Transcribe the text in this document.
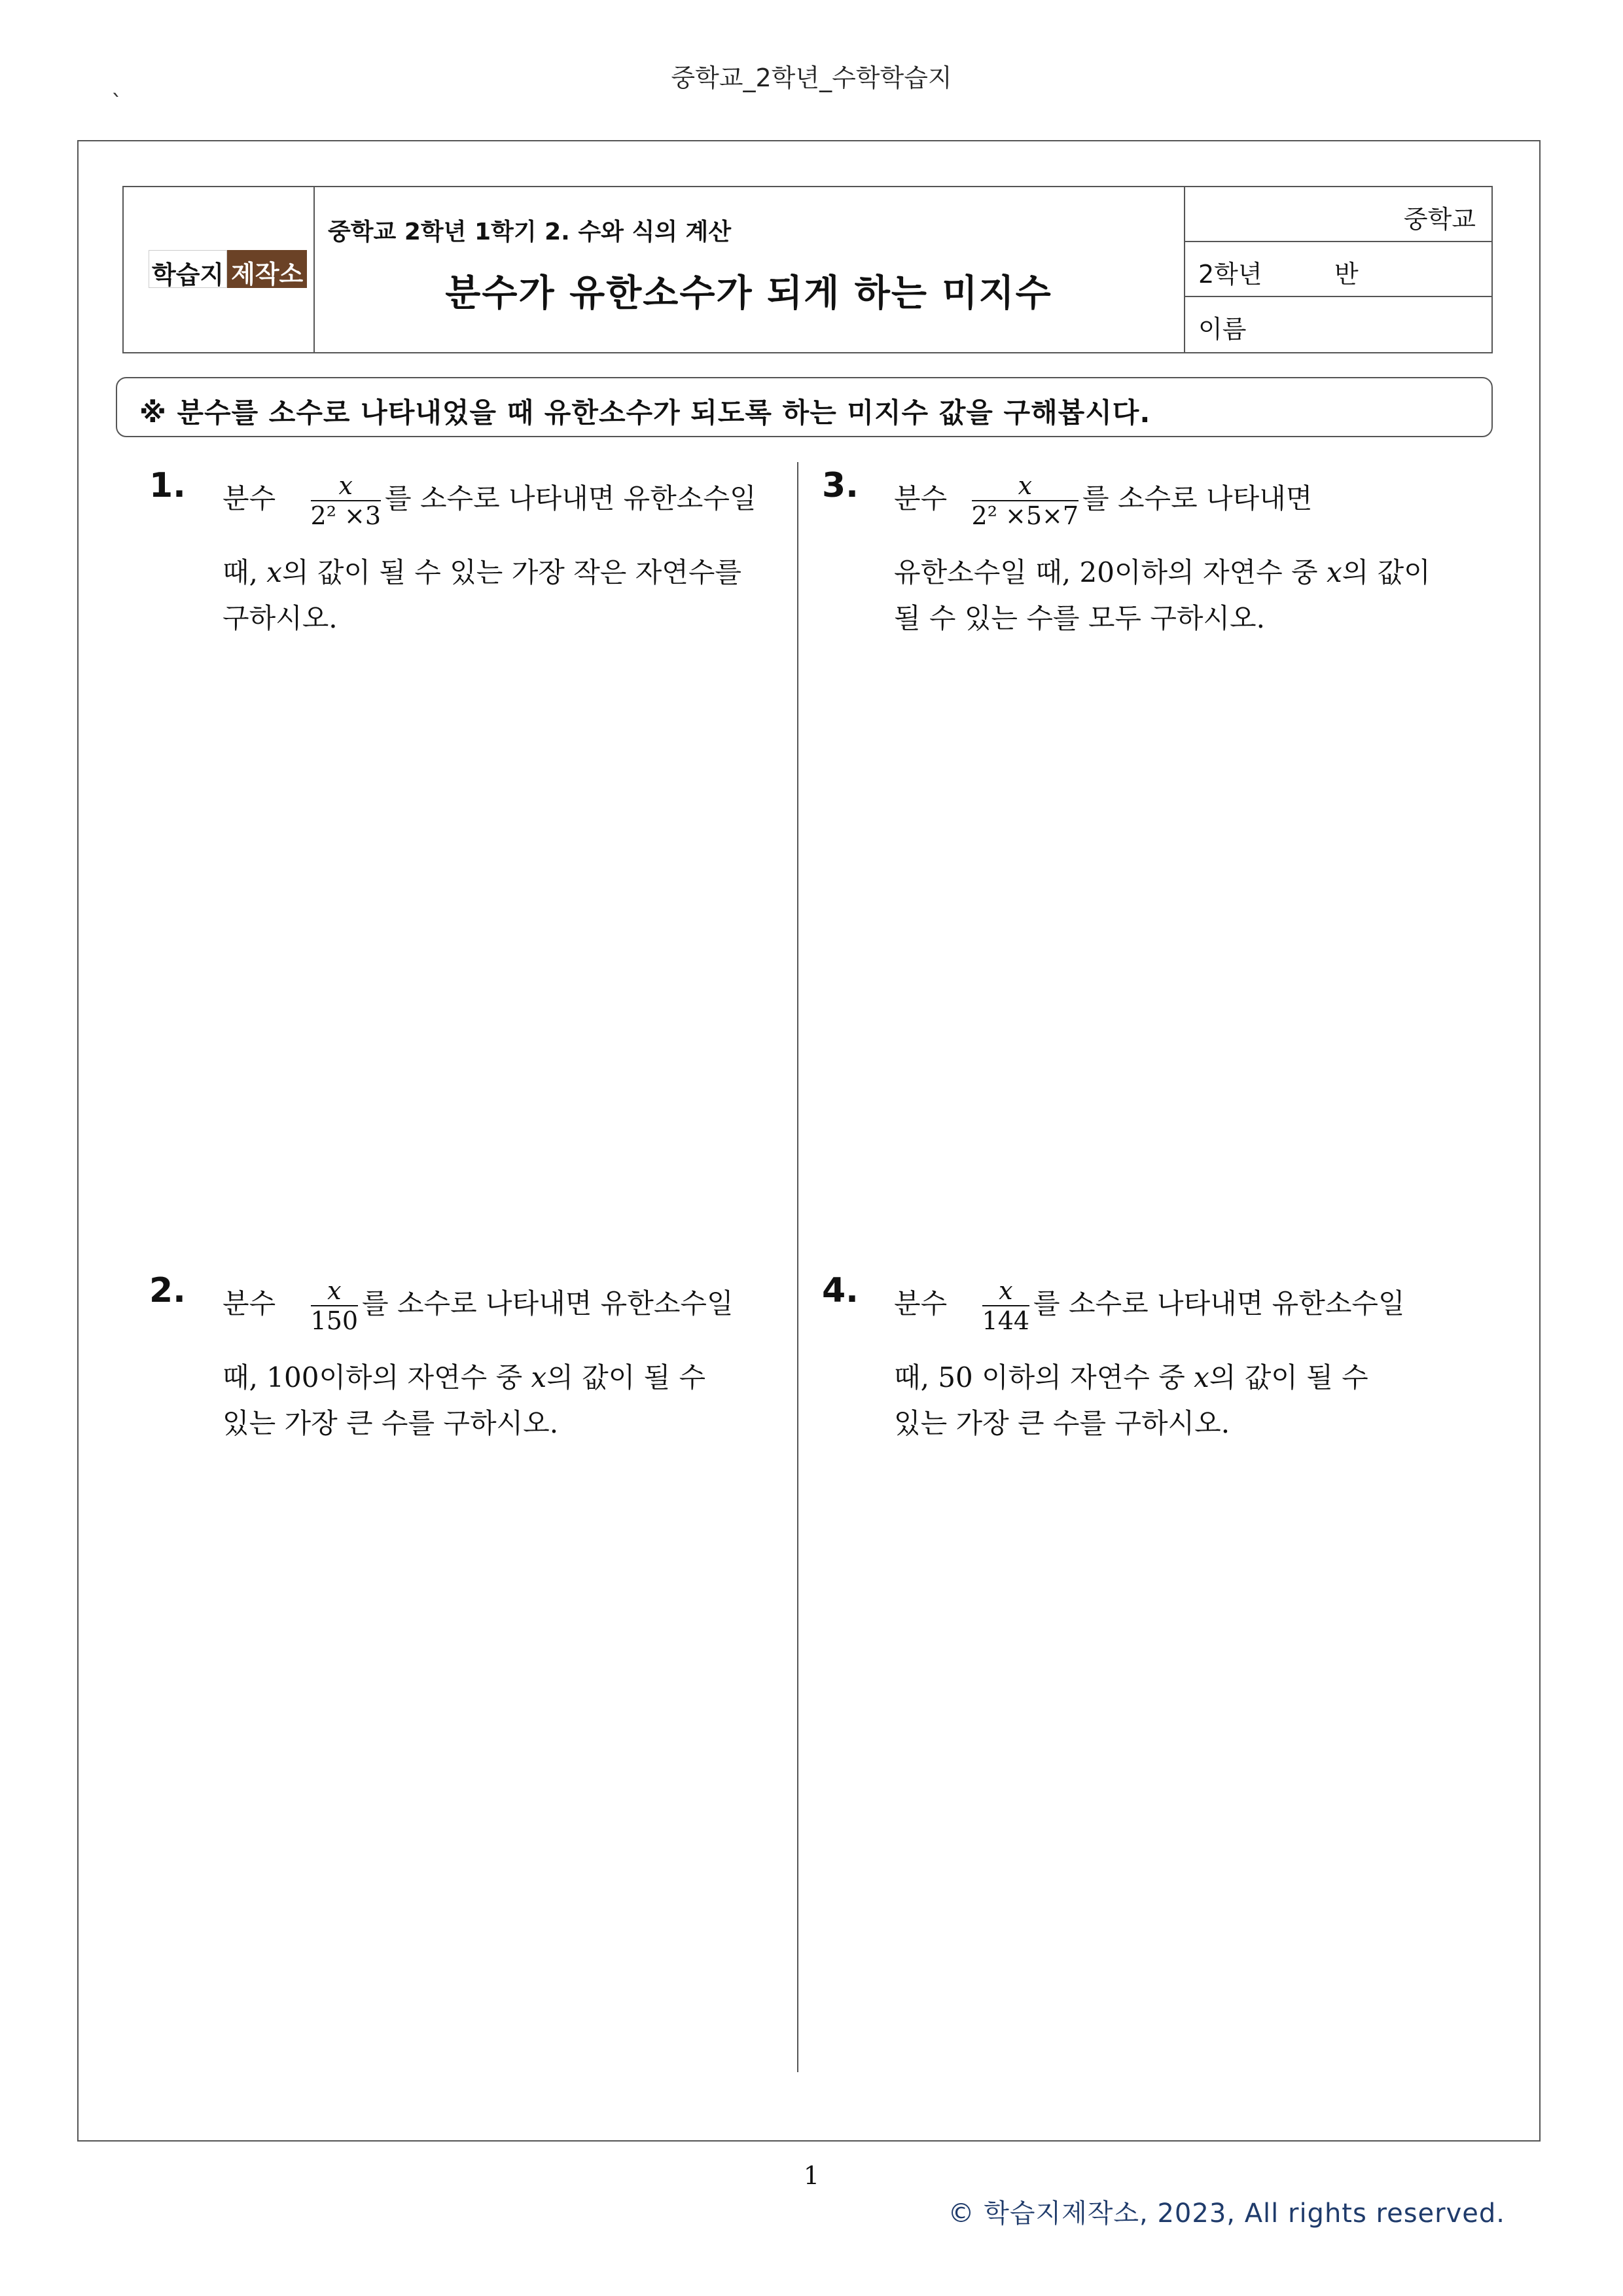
중학교_2학년_수학학습지
`
학습지 제작소
중학교 2학년 1학기 2. 수와 식의 계산
분수가 유한소수가 되게 하는 미지수
중학교
2학년	반
이름
※ 분수를 소수로 나타내었을 때 유한소수가 되도록 하는 미지수 값을 구해봅시다.
1. 분수 $\frac{x}{\text{2² ×3}}$ 를 소수로 나타내면 유한소수일
때, x의 값이 될 수 있는 가장 작은 자연수를
구하시오.
2. 분수 $\frac{x}{150}$ 를 소수로 나타내면 유한소수일
때, 100이하의 자연수 중 x의 값이 될 수
있는 가장 큰 수를 구하시오.
3. 분수 $\frac{x}{\text{2² ×5×7}}$ 를 소수로 나타내면
유한소수일 때, 20이하의 자연수 중 x의 값이
될 수 있는 수를 모두 구하시오.
4. 분수 $\frac{x}{144}$ 를 소수로 나타내면 유한소수일
때, 50 이하의 자연수 중 x의 값이 될 수
있는 가장 큰 수를 구하시오.
1
© 학습지제작소, 2023, All rights reserved.
